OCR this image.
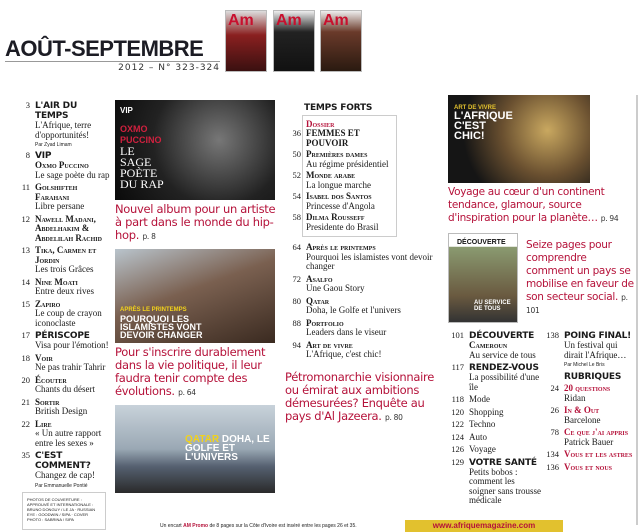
AOÛT-SEPTEMBRE
2012 – N° 323-324
Am Am Am
3 L'AIR DU TEMPS
L'Afrique, terre d'opportunités!
Par Zyad Limam
8 VIP
Oxmo Puccino
Le sage poète du rap
11 Golshifteh Farahani
Libre persane
12 Nawell Madani, Abdelhakim & Abdelilah Rachid
13 Tika, Carmen et Jordin
Les trois Grâces
14 Nine Moati
Entre deux rives
15 Zapiro
Le coup de crayon iconoclaste
17 PÉRISCOPE
Visa pour l'émotion!
18 Voir
Ne pas trahir Tahrir
20 Écouter
Chants du désert
21 Sortir
British Design
22 Lire
« Un autre rapport entre les sexes »
35 C'EST COMMENT?
Changez de cap!
Par Emmanuelle Pontié
PHOTOS DE COUVERTURE : APPROUVÉ ET INTERNATIONALE : BRUNO DONGUY / LE JA · RUSSIAN EYE : GOODWIN / SIPA · COVER PHOTO : SABRINA / SIPA
VIP
OXMO PUCCINO
LE SAGE POÈTE DU RAP
Nouvel album pour un artiste à part dans le monde du hip-hop. p. 8
APRÈS LE PRINTEMPS
POURQUOI LES ISLAMISTES VONT DEVOIR CHANGER
Pour s'inscrire durablement dans la vie politique, il leur faudra tenir compte des évolutions. p. 64
QATAR DOHA, LE GOLFE ET L'UNIVERS
TEMPS FORTS
Dossier
36 FEMMES ET POUVOIR
50 Premières dames
Au régime présidentiel
52 Monde arabe
La longue marche
54 Isabel dos Santos
Princesse d'Angola
58 Dilma Rousseff
Presidente do Brasil
64 Après le printemps
Pourquoi les islamistes vont devoir changer
72 Asalfo
Une Gaou Story
80 Qatar
Doha, le Golfe et l'univers
88 Portfolio
Leaders dans le viseur
94 Art de vivre
L'Afrique, c'est chic!
Pétromonarchie visionnaire ou émirat aux ambitions démesurées? Enquête au pays d'Al Jazeera. p. 80
ART DE VIVRE
L'AFRIQUE C'EST CHIC!
Voyage au cœur d'un continent tendance, glamour, source d'inspiration pour la planète… p. 94
DÉCOUVERTE
AU SERVICE DE TOUS
Seize pages pour comprendre comment un pays se mobilise en faveur de son secteur social. p. 101
101 DÉCOUVERTE
Cameroun
Au service de tous
117 RENDEZ-VOUS
La possibilité d'une île
118 Mode
120 Shopping
122 Techno
124 Auto
126 Voyage
129 VOTRE SANTÉ
Petits bobos : comment les soigner sans trousse médicale
138 POING FINAL!
Un festival qui dirait l'Afrique…
Par Michel Le Bris
RUBRIQUES
24 20 questions
Ridan
26 In & Out
Barcelone
78 Ce que j'ai appris
Patrick Bauer
134 Vous et les astres
136 Vous et nous
Un encart AM Promo de 8 pages sur la Côte d'Ivoire est inséré entre les pages 26 et 35.	www.afriquemagazine.com
